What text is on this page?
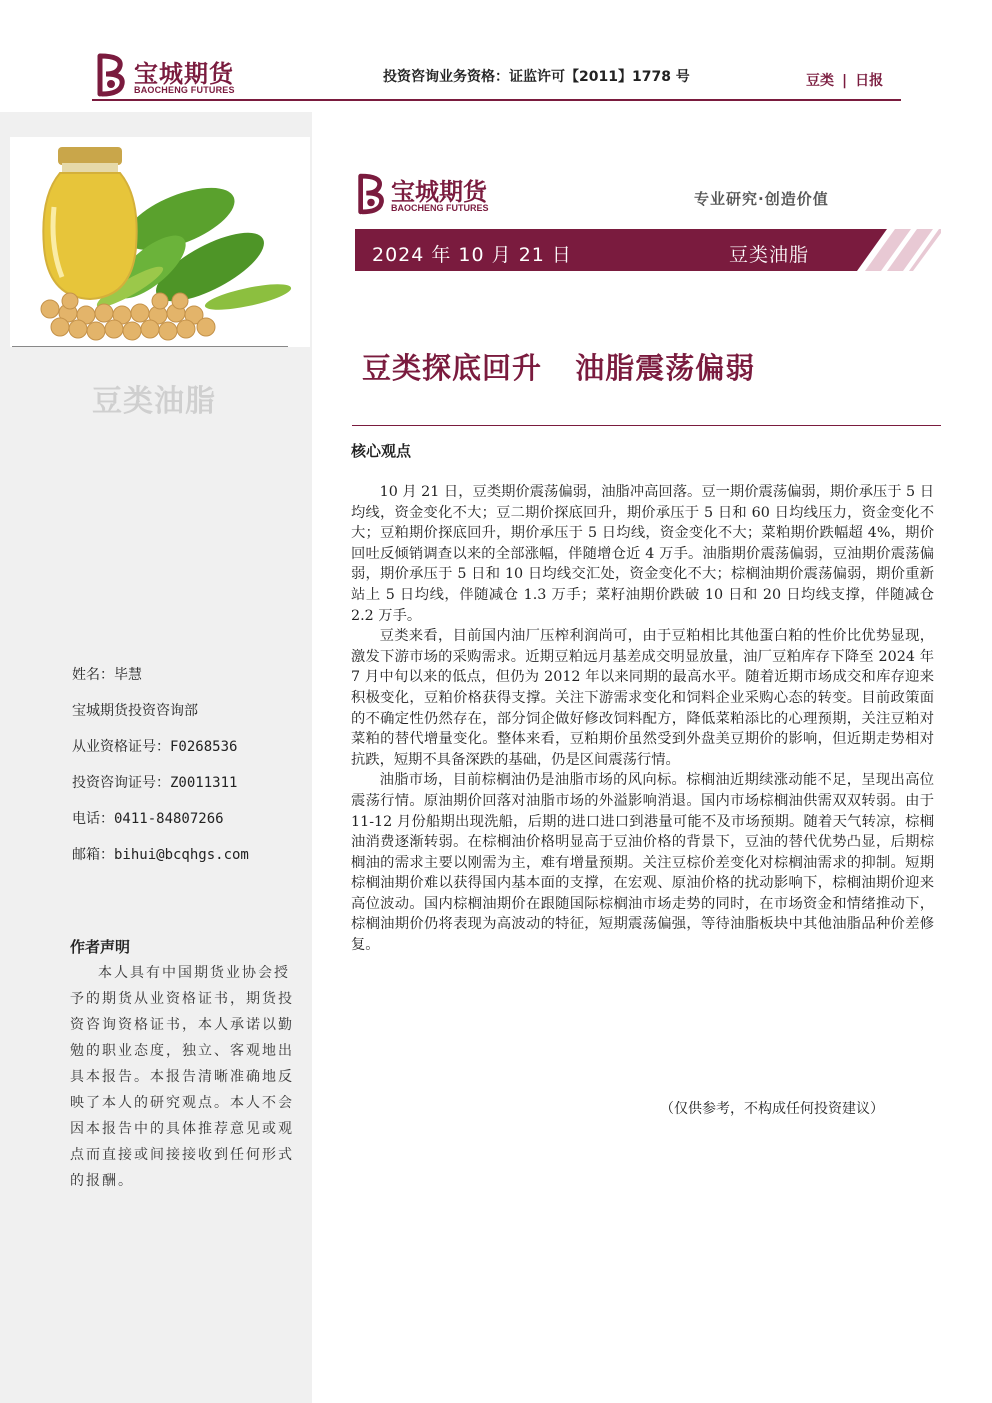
宝城期货
BAOCHENG FUTURES
投资咨询业务资格：证监许可【2011】1778 号	豆类 | 日报
豆类油脂
姓名：毕慧
宝城期货投资咨询部
从业资格证号：F0268536
投资咨询证号：Z0011311
电话：0411-84807266
邮箱：bihui@bcqhgs.com
作者声明
本人具有中国期货业协会授予的期货从业资格证书，期货投资咨询资格证书，本人承诺以勤勉的职业态度，独立、客观地出具本报告。本报告清晰准确地反映了本人的研究观点。本人不会因本报告中的具体推荐意见或观点而直接或间接接收到任何形式的报酬。
宝城期货
BAOCHENG FUTURES	专业研究·创造价值
2024 年 10 月 21 日	豆类油脂
豆类探底回升   油脂震荡偏弱
核心观点

10 月 21 日，豆类期价震荡偏弱，油脂冲高回落。豆一期价震荡偏弱，期价承压于 5 日均线，资金变化不大；豆二期价探底回升，期价承压于 5 日和 60 日均线压力，资金变化不大；豆粕期价探底回升，期价承压于 5 日均线，资金变化不大；菜粕期价跌幅超 4%，期价回吐反倾销调查以来的全部涨幅，伴随增仓近 4 万手。油脂期价震荡偏弱，豆油期价震荡偏弱，期价承压于 5 日和 10 日均线交汇处，资金变化不大；棕榈油期价震荡偏弱，期价重新站上 5 日均线，伴随减仓 1.3 万手；菜籽油期价跌破 10 日和 20 日均线支撑，伴随减仓 2.2 万手。

豆类来看，目前国内油厂压榨利润尚可，由于豆粕相比其他蛋白粕的性价比优势显现，激发下游市场的采购需求。近期豆粕远月基差成交明显放量，油厂豆粕库存下降至 2024 年 7 月中旬以来的低点，但仍为 2012 年以来同期的最高水平。随着近期市场成交和库存迎来积极变化，豆粕价格获得支撑。关注下游需求变化和饲料企业采购心态的转变。目前政策面的不确定性仍然存在，部分饲企做好修改饲料配方，降低菜粕添比的心理预期，关注豆粕对菜粕的替代增量变化。整体来看，豆粕期价虽然受到外盘美豆期价的影响，但近期走势相对抗跌，短期不具备深跌的基础，仍是区间震荡行情。

油脂市场，目前棕榈油仍是油脂市场的风向标。棕榈油近期续涨动能不足，呈现出高位震荡行情。原油期价回落对油脂市场的外溢影响消退。国内市场棕榈油供需双双转弱。由于 11-12 月份船期出现洗船，后期的进口进口到港量可能不及市场预期。随着天气转凉，棕榈油消费逐渐转弱。在棕榈油价格明显高于豆油价格的背景下，豆油的替代优势凸显，后期棕榈油的需求主要以刚需为主，难有增量预期。关注豆棕价差变化对棕榈油需求的抑制。短期棕榈油期价难以获得国内基本面的支撑，在宏观、原油价格的扰动影响下，棕榈油期价迎来高位波动。国内棕榈油期价在跟随国际棕榈油市场走势的同时，在市场资金和情绪推动下，棕榈油期价仍将表现为高波动的特征，短期震荡偏强，等待油脂板块中其他油脂品种价差修复。

（仅供参考，不构成任何投资建议）
